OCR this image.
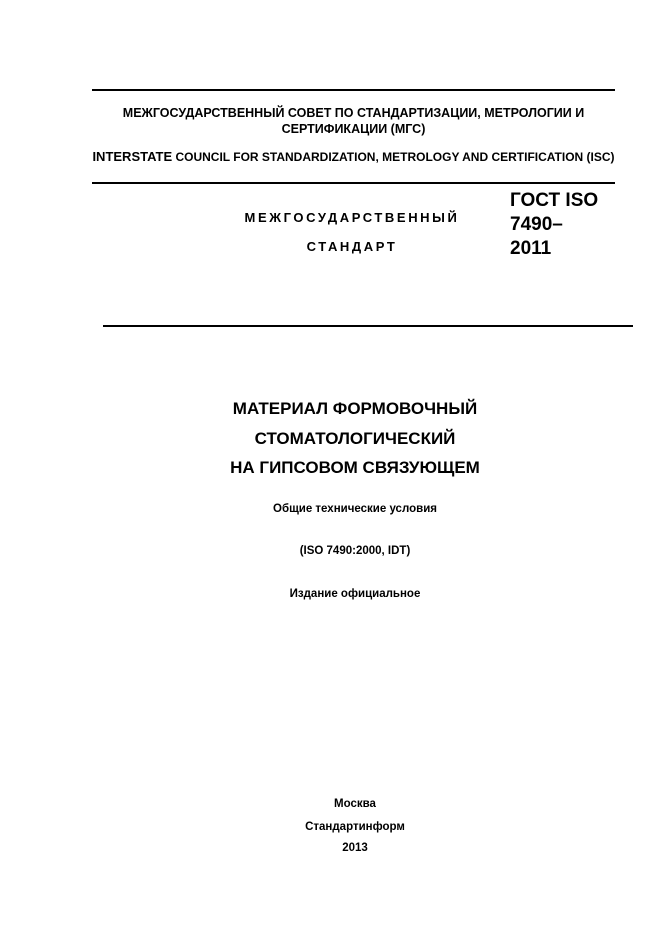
МЕЖГОСУДАРСТВЕННЫЙ СОВЕТ ПО СТАНДАРТИЗАЦИИ, МЕТРОЛОГИИ И СЕРТИФИКАЦИИ (МГС)
INTERSTATE COUNCIL FOR STANDARDIZATION, METROLOGY AND CERTIFICATION (ISC)
МЕЖГОСУДАРСТВЕННЫЙ
СТАНДАРТ
ГОСТ ISO
7490–
2011
МАТЕРИАЛ ФОРМОВОЧНЫЙ
СТОМАТОЛОГИЧЕСКИЙ
НА ГИПСОВОМ СВЯЗУЮЩЕМ
Общие технические условия
(ISO 7490:2000, IDT)
Издание официальное
Москва
Стандартинформ
2013
